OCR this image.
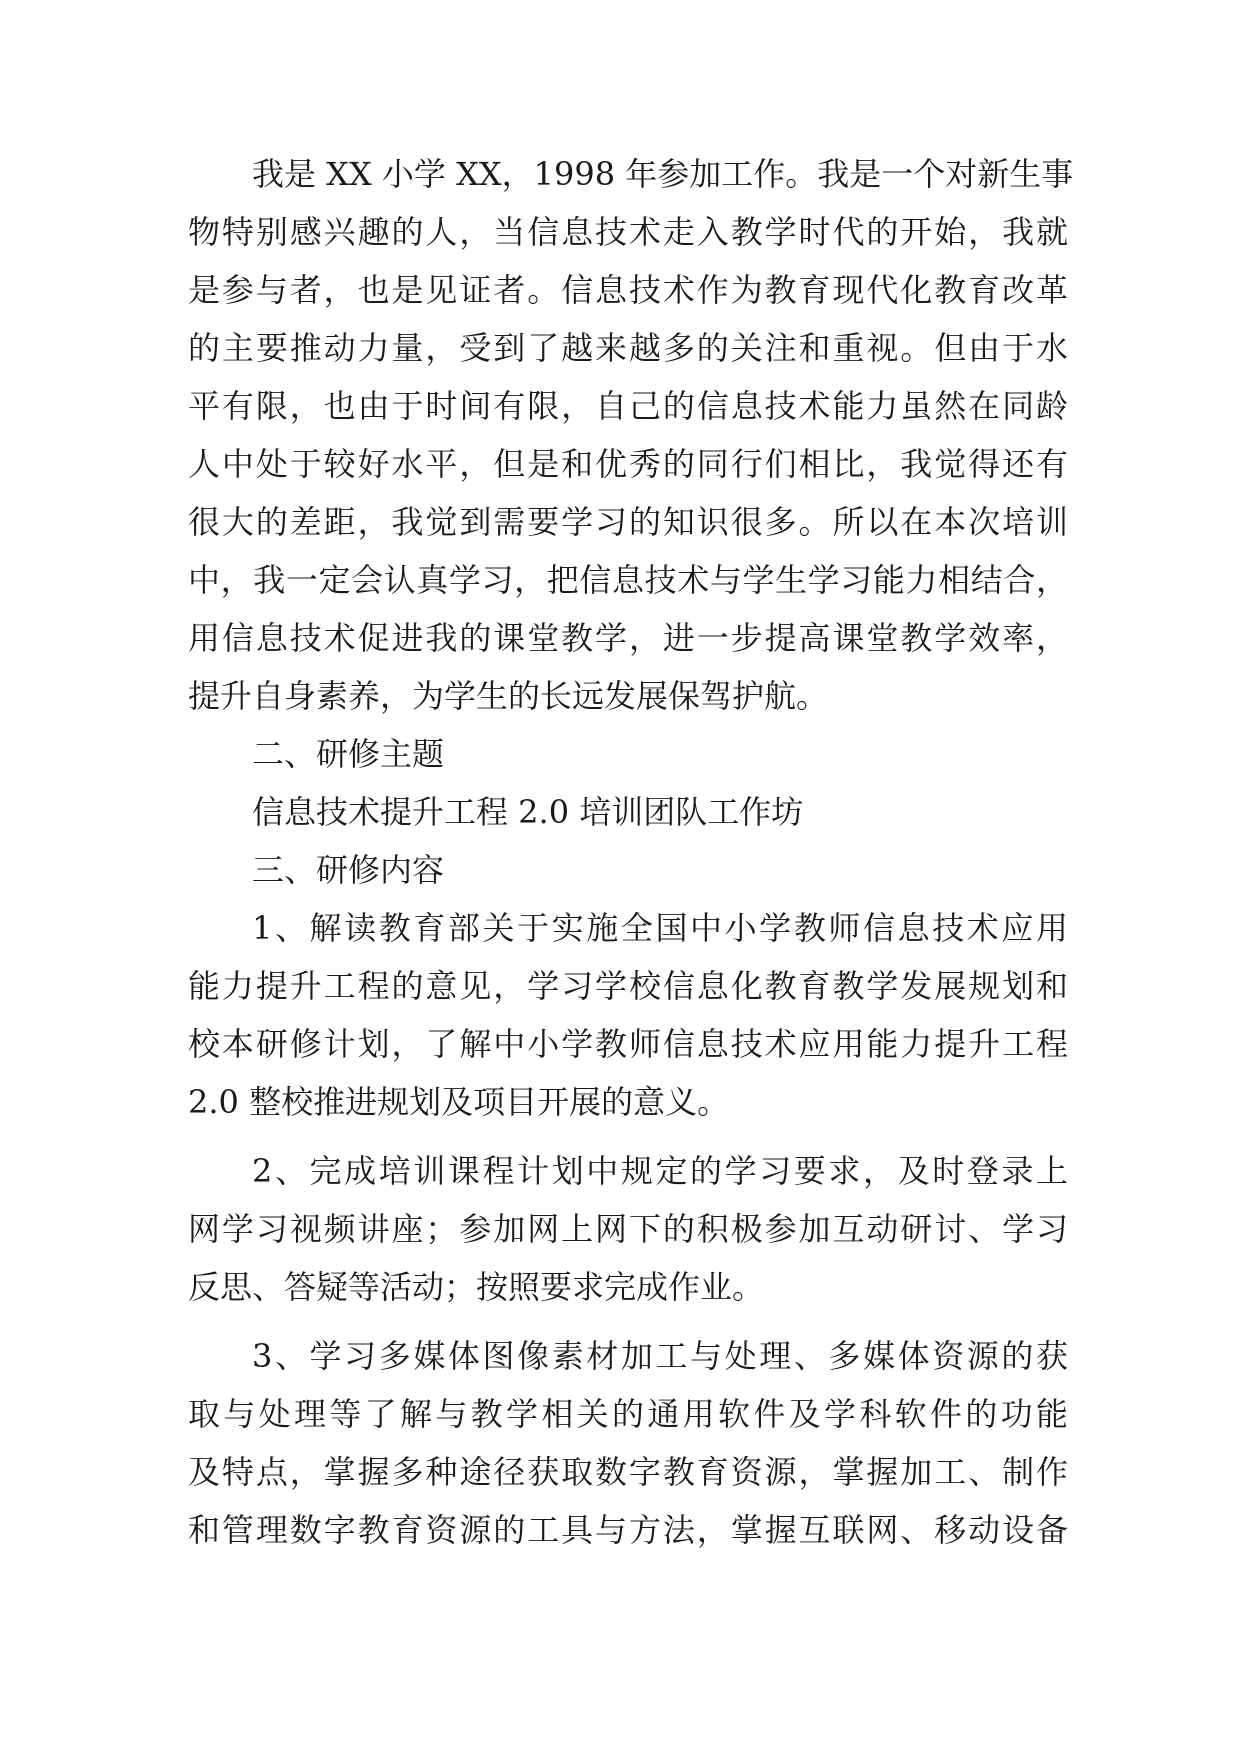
我是 XX 小学 XX，1998 年参加工作。我是一个对新生事

物特别感兴趣的人，当信息技术走入教学时代的开始，我就

是参与者，也是见证者。信息技术作为教育现代化教育改革

的主要推动力量，受到了越来越多的关注和重视。但由于水

平有限，也由于时间有限，自己的信息技术能力虽然在同龄

人中处于较好水平，但是和优秀的同行们相比，我觉得还有

很大的差距，我觉到需要学习的知识很多。所以在本次培训

中，我一定会认真学习，把信息技术与学生学习能力相结合，

用信息技术促进我的课堂教学，进一步提高课堂教学效率，

提升自身素养，为学生的长远发展保驾护航。

二、研修主题

信息技术提升工程 2.0 培训团队工作坊

三、研修内容

1、解读教育部关于实施全国中小学教师信息技术应用

能力提升工程的意见，学习学校信息化教育教学发展规划和

校本研修计划，了解中小学教师信息技术应用能力提升工程

2.0 整校推进规划及项目开展的意义。

2、完成培训课程计划中规定的学习要求，及时登录上

网学习视频讲座；参加网上网下的积极参加互动研讨、学习

反思、答疑等活动；按照要求完成作业。

3、学习多媒体图像素材加工与处理、多媒体资源的获

取与处理等了解与教学相关的通用软件及学科软件的功能

及特点，掌握多种途径获取数字教育资源，掌握加工、制作

和管理数字教育资源的工具与方法，掌握互联网、移动设备
